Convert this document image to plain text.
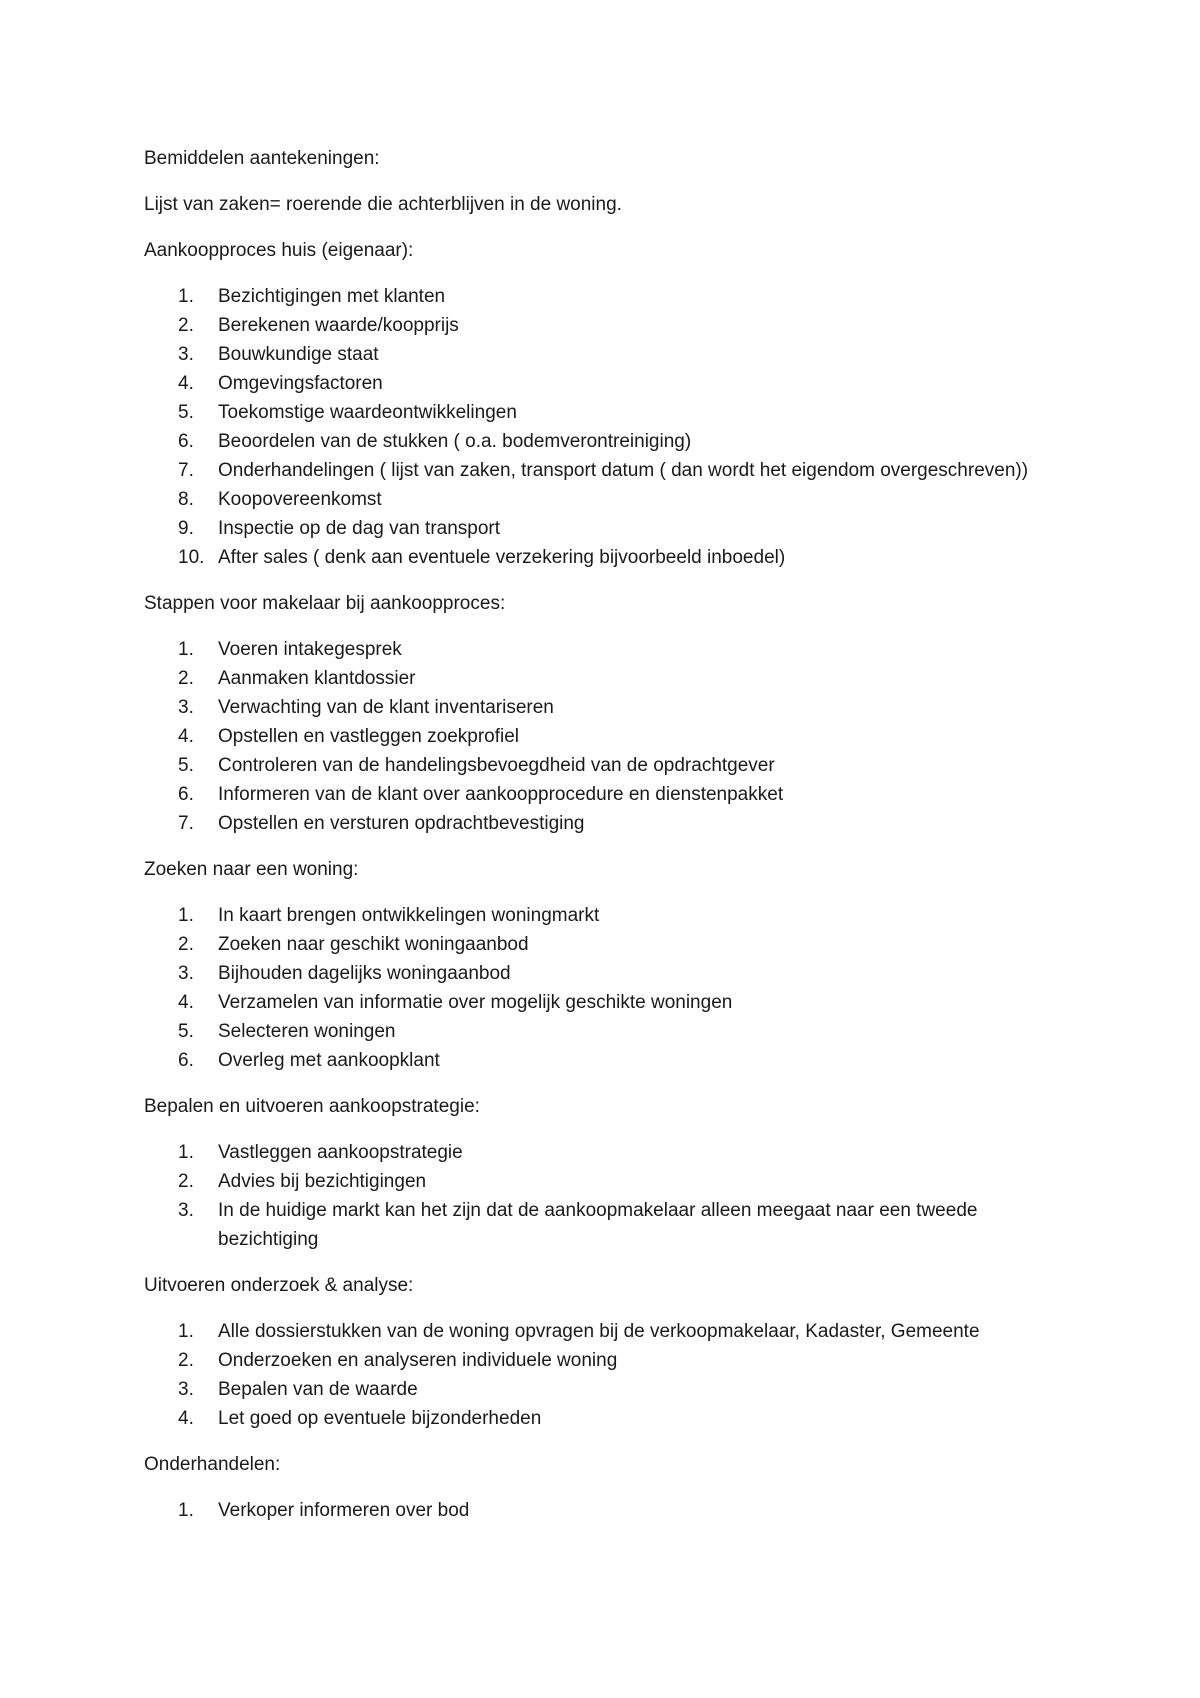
Bemiddelen aantekeningen:

Lijst van zaken= roerende die achterblijven in de woning.

Aankoopproces huis (eigenaar):

1.	Bezichtigingen met klanten
2.	Berekenen waarde/koopprijs
3.	Bouwkundige staat
4.	Omgevingsfactoren
5.	Toekomstige waardeontwikkelingen
6.	Beoordelen van de stukken ( o.a. bodemverontreiniging)
7.	Onderhandelingen ( lijst van zaken, transport datum ( dan wordt het eigendom overgeschreven))
8.	Koopovereenkomst
9.	Inspectie op de dag van transport
10. After sales ( denk aan eventuele verzekering bijvoorbeeld inboedel)

Stappen voor makelaar bij aankoopproces:

1.	Voeren intakegesprek
2.	Aanmaken klantdossier
3.	Verwachting van de klant inventariseren
4.	Opstellen en vastleggen zoekprofiel
5.	Controleren van de handelingsbevoegdheid van de opdrachtgever
6.	Informeren van de klant over aankoopprocedure en dienstenpakket
7.	Opstellen en versturen opdrachtbevestiging

Zoeken naar een woning:

1.	In kaart brengen ontwikkelingen woningmarkt
2.	Zoeken naar geschikt woningaanbod
3.	Bijhouden dagelijks woningaanbod
4.	Verzamelen van informatie over mogelijk geschikte woningen
5.	Selecteren woningen
6.	Overleg met aankoopklant

Bepalen en uitvoeren aankoopstrategie:

1.	Vastleggen aankoopstrategie
2.	Advies bij bezichtigingen
3.	In de huidige markt kan het zijn dat de aankoopmakelaar alleen meegaat naar een tweede bezichtiging

Uitvoeren onderzoek & analyse:

1.	Alle dossierstukken van de woning opvragen bij de verkoopmakelaar, Kadaster, Gemeente
2.	Onderzoeken en analyseren individuele woning
3.	Bepalen van de waarde
4.	Let goed op eventuele bijzonderheden

Onderhandelen:

1.	Verkoper informeren over bod
